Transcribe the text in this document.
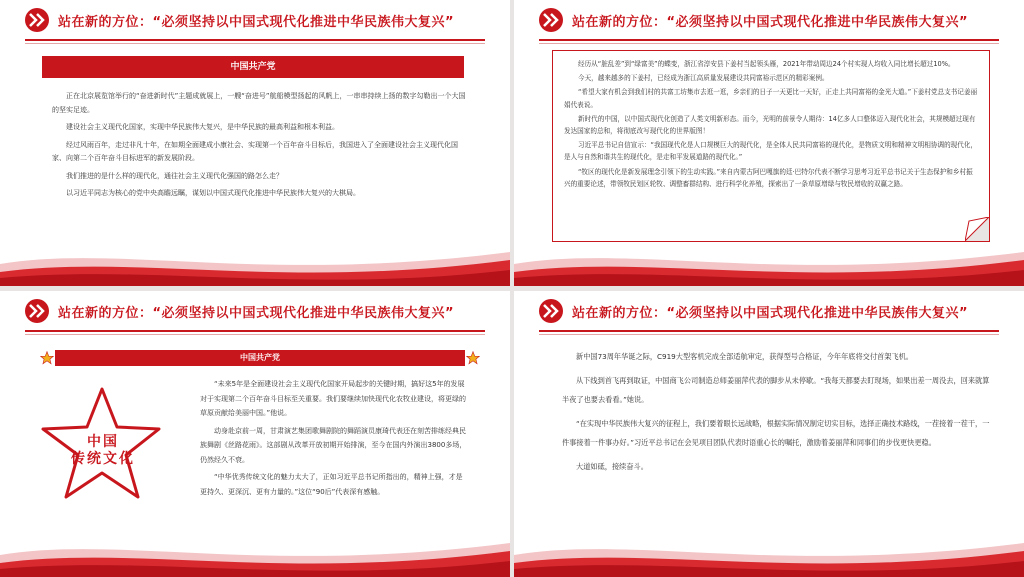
站在新的方位：“必须坚持以中国式现代化推进中华民族伟大复兴”
中国共产党

正在北京展览馆举行的“奋进新时代”主题成就展上，一艘“奋进号”航船模型扬起的风帆上，一串串持续上扬的数字勾勒出一个大国的坚实足迹。

建设社会主义现代化国家，实现中华民族伟大复兴，是中华民族的最高利益和根本利益。

经过风雨百年，走过非凡十年，在如期全面建成小康社会、实现第一个百年奋斗目标后，我国进入了全面建设社会主义现代化国家、向第二个百年奋斗目标进军的新发展阶段。

我们推进的是什么样的现代化，通往社会主义现代化强国的路怎么走？

以习近平同志为核心的党中央高瞻远瞩，谋划以中国式现代化推进中华民族伟大复兴的大棋局。

站在新的方位：“必须坚持以中国式现代化推进中华民族伟大复兴”

经历从“脏乱差”到“绿富美”的蝶变，浙江省淳安县下姜村当起领头雁，2021年带动周边24个村实现人均收入同比增长超过10%。

今天，越来越多的下姜村，已经成为浙江高质量发展建设共同富裕示范区的精彩案例。

“希望大家有机会到我们村的共富工坊集市去逛一逛，乡亲们的日子一天更比一天好，正走上共同富裕的金光大道。”下姜村党总支书记姜丽娟代表说。

新时代的中国，以中国式现代化创造了人类文明新形态。而今，光明的前景令人期待：14亿多人口整体迈入现代化社会，其规模超过现有发达国家的总和，将彻底改写现代化的世界版图！

习近平总书记自信宣示：“我国现代化是人口规模巨大的现代化，是全体人民共同富裕的现代化，是物质文明和精神文明相协调的现代化，是人与自然和谐共生的现代化，是走和平发展道路的现代化。”

“牧区的现代化是新发展理念引领下的生动实践。”来自内蒙古阿巴嘎旗的廷·巴特尔代表不断学习思考习近平总书记关于生态保护和乡村振兴的重要论述，带领牧民划区轮牧、调整畜群结构、进行科学化养殖，探索出了一条草原增绿与牧民增收的双赢之路。

站在新的方位：“必须坚持以中国式现代化推进中华民族伟大复兴”
中国共产党
中国
传统文化

“未来5年是全面建设社会主义现代化国家开局起步的关键时期，搞好这5年的发展对于实现第二个百年奋斗目标至关重要。我们要继续加快现代化农牧业建设，将更绿的草原贡献给美丽中国。”他说。

动身赴京前一周，甘肃演艺集团歌舞剧院的舞蹈演员康琦代表还在刻苦排练经典民族舞剧《丝路花雨》。这部剧从改革开放初期开始排演，至今在国内外演出3800多场，仍然经久不衰。

“中华优秀传统文化的魅力太大了，正如习近平总书记所指出的，精神上强，才是更持久、更深沉、更有力量的。”这位“90后”代表深有感触。

站在新的方位：“必须坚持以中国式现代化推进中华民族伟大复兴”

新中国73周年华诞之际，C919大型客机完成全部适航审定，获得型号合格证，今年年底将交付首架飞机。

从下线到首飞再到取证，中国商飞公司制造总师姜丽萍代表的脚步从未停歇。“我每天都要去盯现场，如果出差一周没去，回来就算半夜了也要去看看。”她说。

“在实现中华民族伟大复兴的征程上，我们要着眼长远战略，根据实际情况制定切实目标，选择正确技术路线，一茬接着一茬干，一件事接着一件事办好。”习近平总书记在会见项目团队代表时语重心长的嘱托，激励着姜丽萍和同事们的步伐更快更稳。

大道如砥，接续奋斗。
